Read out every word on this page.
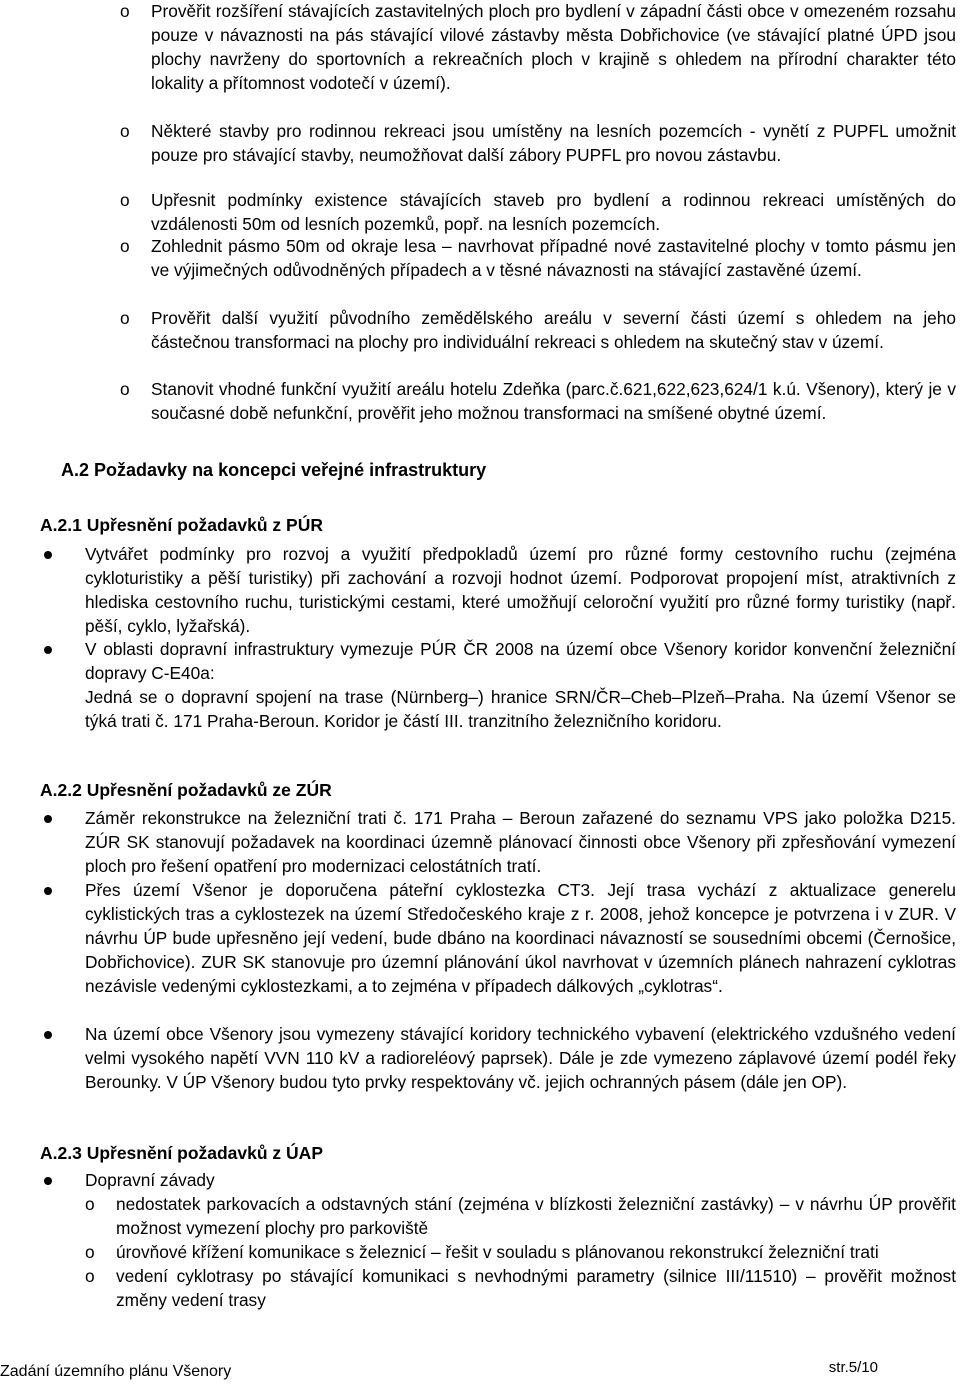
o	Prověřit rozšíření stávajících zastavitelných ploch pro bydlení v západní části obce v omezeném rozsahu pouze v návaznosti na pás stávající vilové zástavby města Dobřichovice (ve stávající platné ÚPD jsou plochy navrženy do sportovních a rekreačních ploch v krajině s ohledem na přírodní charakter této lokality a přítomnost vodotečí v území).
o	Některé stavby pro rodinnou rekreaci jsou umístěny na lesních pozemcích - vynětí z PUPFL umožnit pouze pro stávající stavby, neumožňovat další zábory PUPFL pro novou zástavbu.
o	Upřesnit podmínky existence stávajících staveb pro bydlení a rodinnou rekreaci umístěných do vzdálenosti 50m od lesních pozemků, popř. na lesních pozemcích.
o	Zohlednit pásmo 50m od okraje lesa – navrhovat případné nové zastavitelné plochy v tomto pásmu jen ve výjimečných odůvodněných případech a v těsné návaznosti na stávající zastavěné území.
o	Prověřit další využití původního zemědělského areálu v severní části území s ohledem na jeho částečnou transformaci na plochy pro individuální rekreaci s ohledem na skutečný stav v území.
o	Stanovit vhodné funkční využití areálu hotelu Zdeňka (parc.č.621,622,623,624/1 k.ú. Všenory), který je v současné době nefunkční, prověřit jeho možnou transformaci na smíšené obytné území.
A.2 Požadavky na koncepci veřejné infrastruktury
A.2.1 Upřesnění požadavků z PÚR
Vytvářet podmínky pro rozvoj a využití předpokladů území pro různé formy cestovního ruchu (zejména cykloturistiky a pěší turistiky) při zachování a rozvoji hodnot území. Podporovat propojení míst, atraktivních z hlediska cestovního ruchu, turistickými cestami, které umožňují celoroční využití pro různé formy turistiky (např. pěší, cyklo, lyžařská).
V oblasti dopravní infrastruktury vymezuje PÚR ČR 2008 na území obce Všenory koridor konvenční železniční dopravy C-E40a:
Jedná se o dopravní spojení na trase (Nürnberg–) hranice SRN/ČR–Cheb–Plzeň–Praha. Na území Všenor se týká trati č. 171 Praha-Beroun. Koridor je částí III. tranzitního železničního koridoru.
A.2.2 Upřesnění požadavků ze ZÚR
Záměr rekonstrukce na železniční trati č. 171 Praha – Beroun zařazené do seznamu VPS jako položka D215. ZÚR SK stanovují požadavek na koordinaci územně plánovací činnosti obce Všenory při zpřesňování vymezení ploch pro řešení opatření pro modernizaci celostátních tratí.
Přes území Všenor je doporučena páteřní cyklostezka CT3. Její trasa vychází z aktualizace generelu cyklistických tras a cyklostezek na území Středočeského kraje z r. 2008, jehož koncepce je potvrzena i v ZUR. V návrhu ÚP bude upřesněno její vedení, bude dbáno na koordinaci návazností se sousedními obcemi (Černošice, Dobřichovice). ZUR SK stanovuje pro územní plánování úkol navrhovat v územních plánech nahrazení cyklotras nezávisle vedenými cyklostezkami, a to zejména v případech dálkových „cyklotras“.
Na území obce Všenory jsou vymezeny stávající koridory technického vybavení (elektrického vzdušného vedení velmi vysokého napětí VVN 110 kV a radioreléový paprsek). Dále je zde vymezeno záplavové území podél řeky Berounky. V ÚP Všenory budou tyto prvky respektovány vč. jejich ochranných pásem (dále jen OP).
A.2.3 Upřesnění požadavků z ÚAP
Dopravní závady
o	nedostatek parkovacích a odstavných stání (zejména v blízkosti železniční zastávky) – v návrhu ÚP prověřit možnost vymezení plochy pro parkoviště
o	úrovňové křížení komunikace s železnicí – řešit v souladu s plánovanou rekonstrukcí železniční trati
o	vedení cyklotrasy po stávající komunikaci s nevhodnými parametry (silnice III/11510) – prověřit možnost změny vedení trasy
Zadání územního plánu Všenory	str.5/10
